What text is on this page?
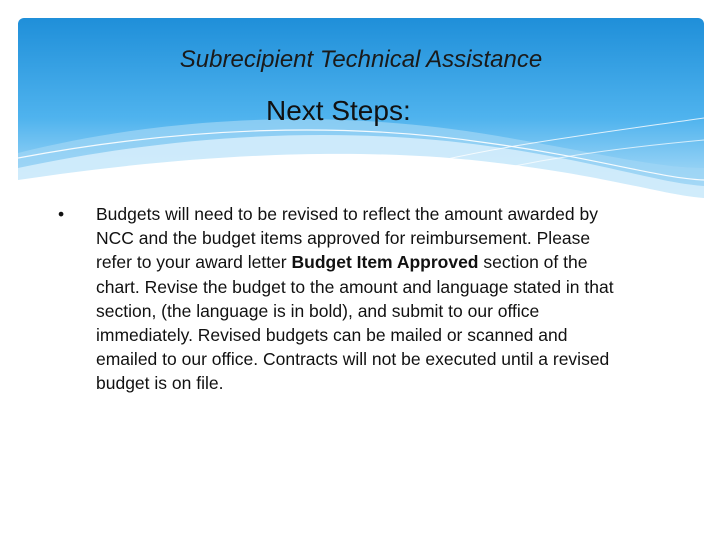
Subrecipient Technical Assistance

Next Steps:
•	Budgets will need to be revised to reflect the amount awarded by NCC and the budget items approved for reimbursement. Please refer to your award letter Budget Item Approved section of the chart. Revise the budget to the amount and language stated in that section, (the language is in bold), and submit to our office immediately. Revised budgets can be mailed or scanned and emailed to our office. Contracts will not be executed until a revised budget is on file.
